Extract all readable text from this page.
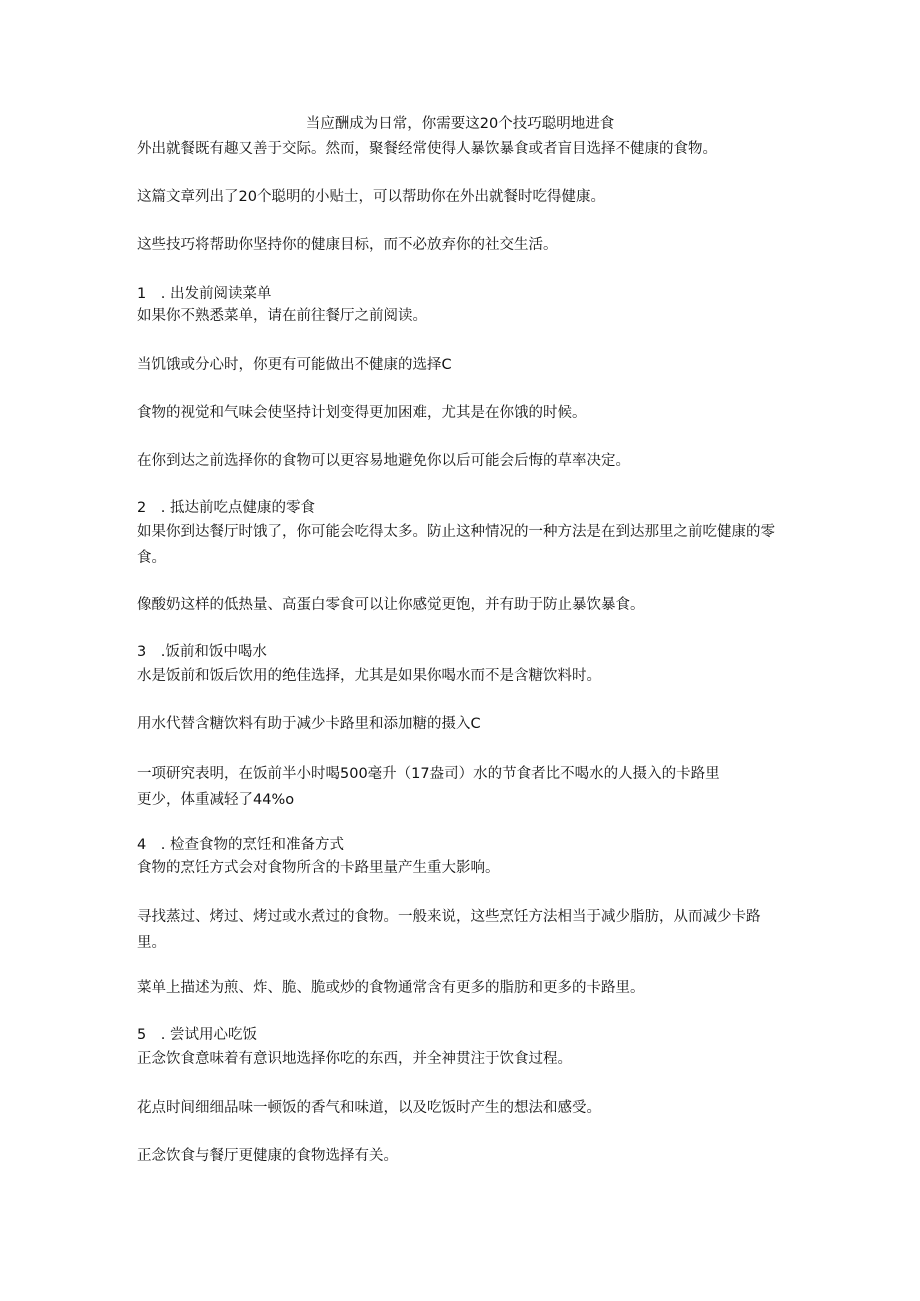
当应酬成为日常，你需要这20个技巧聪明地进食
外出就餐既有趣又善于交际。然而，聚餐经常使得人暴饮暴食或者盲目选择不健康的食物。
这篇文章列出了20个聪明的小贴士，可以帮助你在外出就餐时吃得健康。
这些技巧将帮助你坚持你的健康目标，而不必放弃你的社交生活。
1　. 出发前阅读菜单
如果你不熟悉菜单，请在前往餐厅之前阅读。
当饥饿或分心时，你更有可能做出不健康的选择C
食物的视觉和气味会使坚持计划变得更加困难，尤其是在你饿的时候。
在你到达之前选择你的食物可以更容易地避免你以后可能会后悔的草率决定。
2　. 抵达前吃点健康的零食
如果你到达餐厅时饿了，你可能会吃得太多。防止这种情况的一种方法是在到达那里之前吃健康的零食。
像酸奶这样的低热量、高蛋白零食可以让你感觉更饱，并有助于防止暴饮暴食。
3　.饭前和饭中喝水
水是饭前和饭后饮用的绝佳选择，尤其是如果你喝水而不是含糖饮料时。
用水代替含糖饮料有助于减少卡路里和添加糖的摄入C
一项研究表明，在饭前半小时喝500毫升（17盎司）水的节食者比不喝水的人摄入的卡路里更少，体重减轻了44%o
4　. 检查食物的烹饪和准备方式
食物的烹饪方式会对食物所含的卡路里量产生重大影响。
寻找蒸过、烤过、烤过或水煮过的食物。一般来说，这些烹饪方法相当于减少脂肪，从而减少卡路里。
菜单上描述为煎、炸、脆、脆或炒的食物通常含有更多的脂肪和更多的卡路里。
5　. 尝试用心吃饭
正念饮食意味着有意识地选择你吃的东西，并全神贯注于饮食过程。
花点时间细细品味一顿饭的香气和味道，以及吃饭时产生的想法和感受。
正念饮食与餐厅更健康的食物选择有关。
